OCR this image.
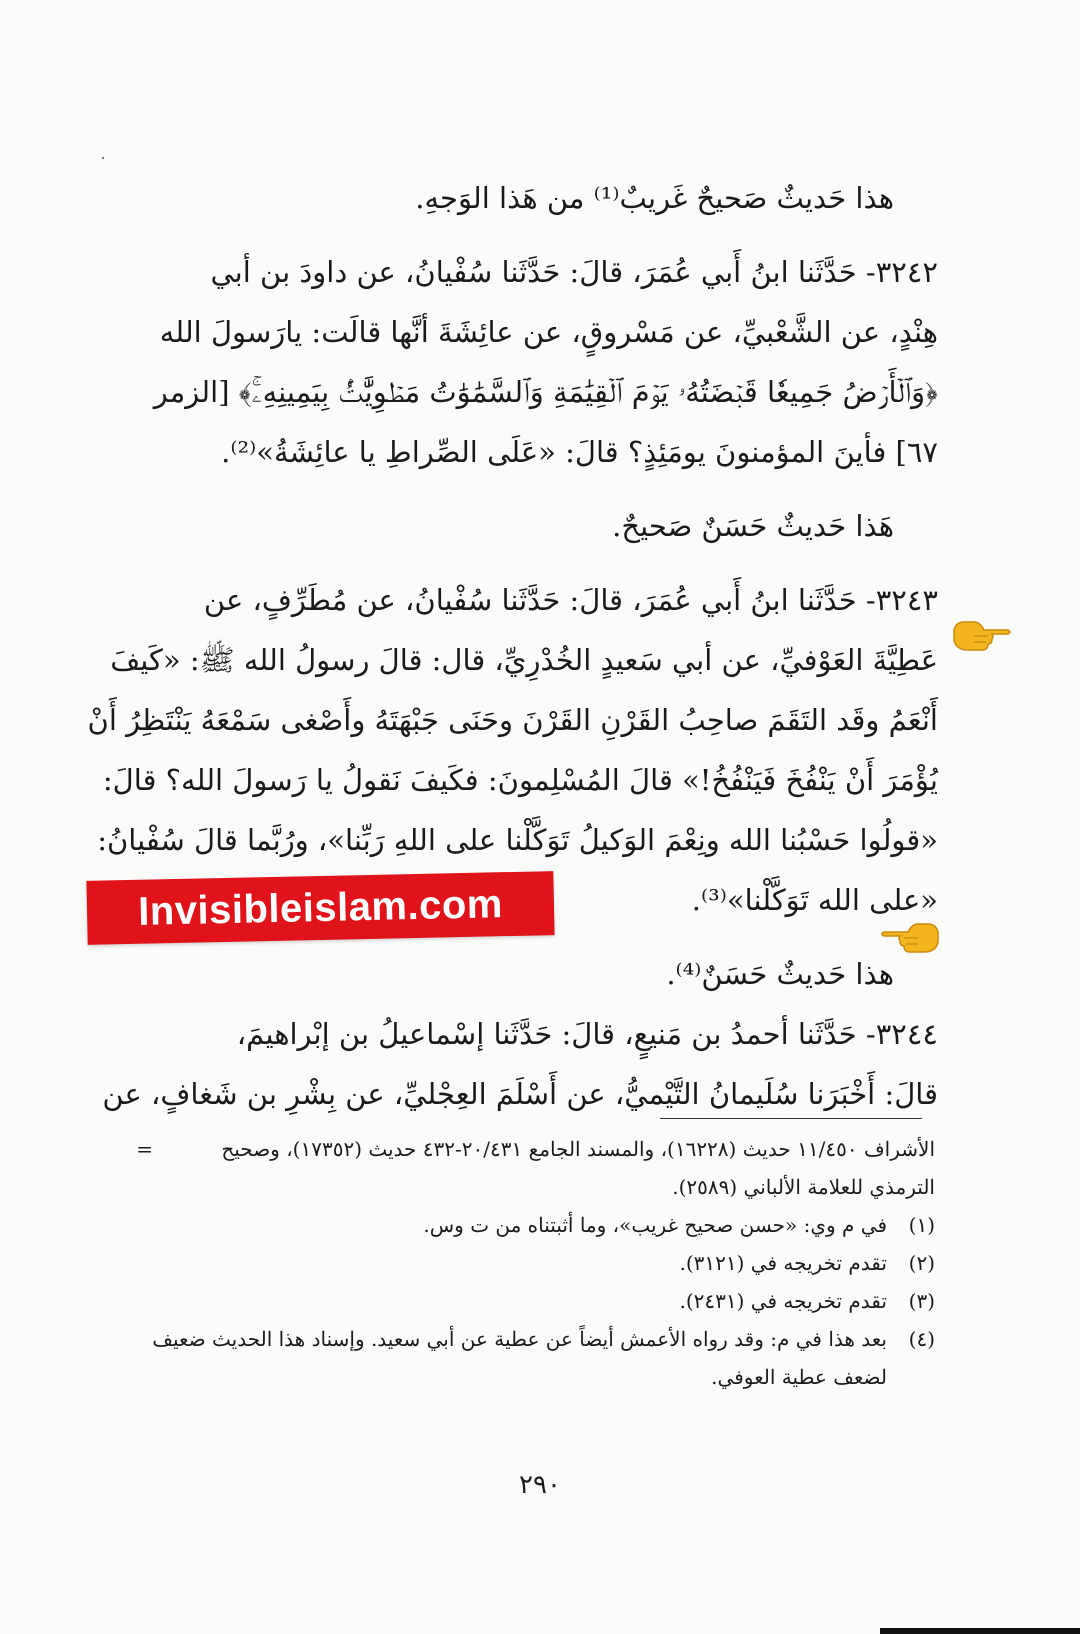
هذا حَديثٌ صَحيحٌ غَريبٌ⁽¹⁾ من هَذا الوَجهِ.

٣٢٤٢- حَدَّثَنا ابنُ أَبي عُمَرَ، قالَ: حَدَّثَنا سُفْيانُ، عن داودَ بن أبي
هِنْدٍ، عن الشَّعْبيِّ، عن مَسْروقٍ، عن عائِشَةَ أنَّها قالَت: يارَسولَ الله
﴿وَٱلۡأَرۡضُ جَمِيعٗا قَبۡضَتُهُۥ يَوۡمَ ٱلۡقِيَٰمَةِ وَٱلسَّمَٰوَٰتُ مَطۡوِيَّٰتُۢ بِيَمِينِهِۦۚ﴾ [الزمر
٦٧] فأينَ المؤمنونَ يومَئِذٍ؟ قالَ: «عَلَى الصِّراطِ يا عائِشَةُ»⁽²⁾.

هَذا حَديثٌ حَسَنٌ صَحيحٌ.

٣٢٤٣- حَدَّثَنا ابنُ أَبي عُمَرَ، قالَ: حَدَّثَنا سُفْيانُ، عن مُطَرِّفٍ، عن
عَطِيَّةَ العَوْفيِّ، عن أبي سَعيدٍ الخُدْرِيِّ، قال: قالَ رسولُ الله ﷺ: «كَيفَ
أَنْعَمُ وقَد التَقَمَ صاحِبُ القَرْنِ القَرْنَ وحَنَى جَبْهَتَهُ وأَصْغى سَمْعَهُ يَنْتَظِرُ أَنْ
يُؤْمَرَ أَنْ يَنْفُخَ فَيَنْفُخُ!» قالَ المُسْلِمونَ: فكَيفَ نَقولُ يا رَسولَ الله؟ قالَ:
«قولُوا حَسْبُنا الله ونِعْمَ الوَكيلُ تَوَكَّلْنا على اللهِ رَبِّنا»، ورُبَّما قالَ سُفْيانُ:
«على الله تَوَكَّلْنا»⁽³⁾.

هذا حَديثٌ حَسَنٌ⁽⁴⁾.

٣٢٤٤- حَدَّثَنا أحمدُ بن مَنيعٍ، قالَ: حَدَّثَنا إسْماعيلُ بن إبْراهيمَ،
قالَ: أَخْبَرَنا سُلَيمانُ التَّيْميُّ، عن أَسْلَمَ العِجْليِّ، عن بِشْرِ بن شَغافٍ، عن

الأشراف ١١/٤٥٠ حديث (١٦٢٢٨)، والمسند الجامع ٢٠/٤٣١-٤٣٢ حديث (١٧٣٥٢)، وصحيح الترمذي للعلامة الألباني (٢٥٨٩).
=
(١)
في م وي: «حسن صحيح غريب»، وما أثبتناه من ت وس.
(٢)
تقدم تخريجه في (٣١٢١).
(٣)
تقدم تخريجه في (٢٤٣١).
(٤)
بعد هذا في م: وقد رواه الأعمش أيضاً عن عطية عن أبي سعيد. وإسناد هذا الحديث ضعيف لضعف عطية العوفي.
٢٩٠
Invisibleislam.com
